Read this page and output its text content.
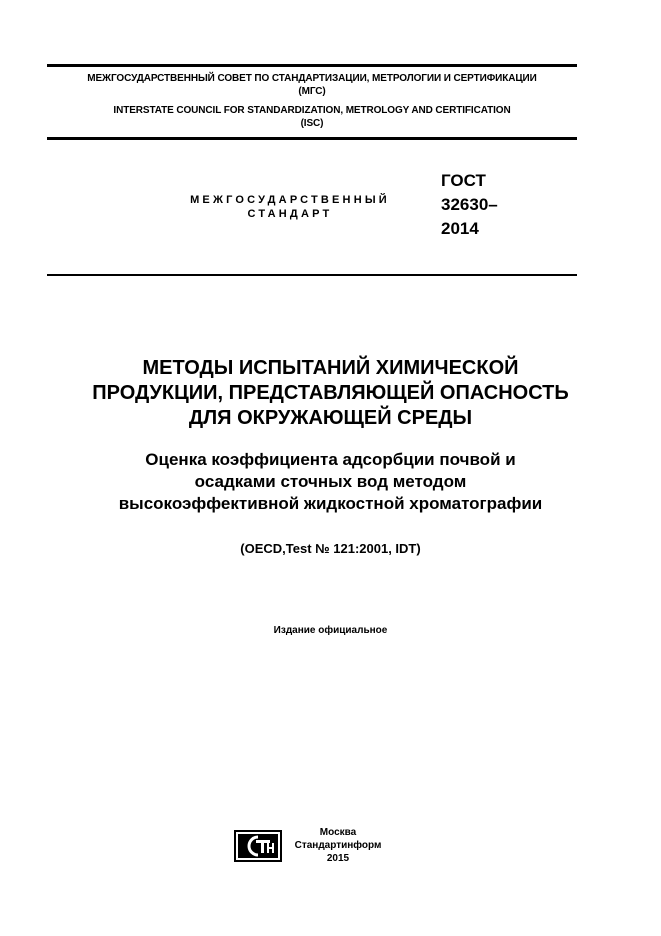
МЕЖГОСУДАРСТВЕННЫЙ СОВЕТ ПО СТАНДАРТИЗАЦИИ, МЕТРОЛОГИИ И СЕРТИФИКАЦИИ
(МГС)
INTERSTATE COUNCIL FOR STANDARDIZATION, METROLOGY AND CERTIFICATION
(ISC)
МЕЖГОСУДАРСТВЕННЫЙ
СТАНДАРТ
ГОСТ
32630–
2014
МЕТОДЫ ИСПЫТАНИЙ ХИМИЧЕСКОЙ
ПРОДУКЦИИ, ПРЕДСТАВЛЯЮЩЕЙ ОПАСНОСТЬ
ДЛЯ ОКРУЖАЮЩЕЙ СРЕДЫ
Оценка коэффициента адсорбции почвой и
осадками сточных вод методом
высокоэффективной жидкостной хроматографии
(OECD,Test № 121:2001, IDT)
Издание официальное
Москва
Стандартинформ
2015
